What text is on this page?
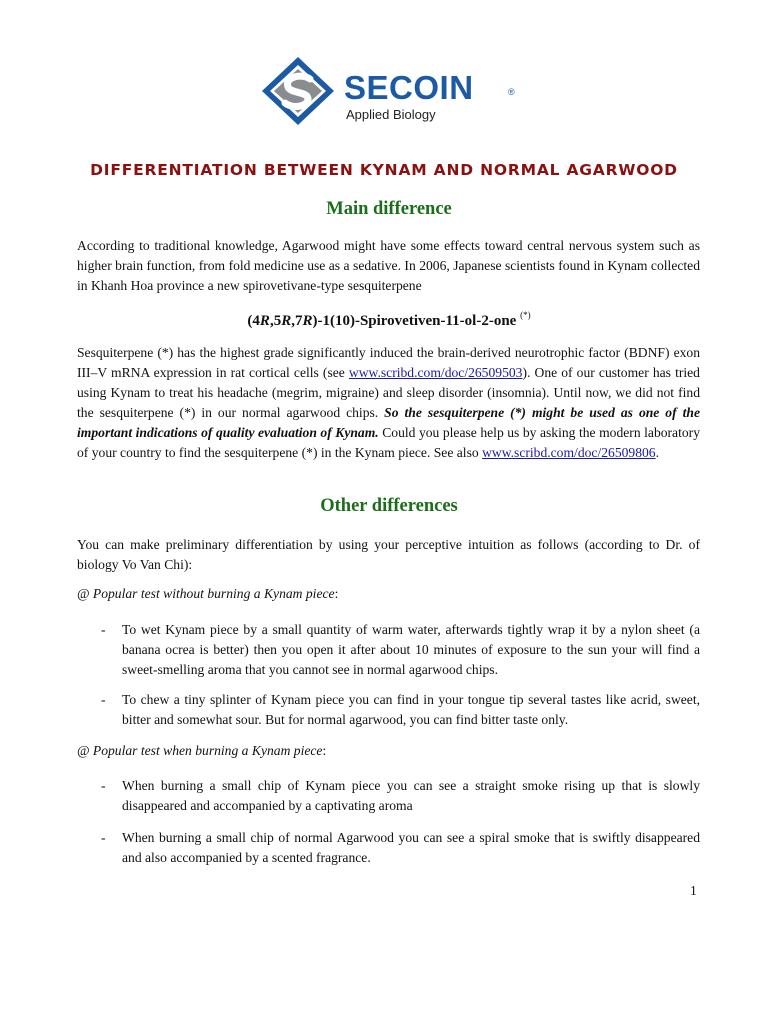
SECOIN	®
Applied Biology
DIFFERENTIATION BETWEEN KYNAM AND NORMAL AGARWOOD
Main difference
According to traditional knowledge, Agarwood might have some effects toward central nervous system such as higher brain function, from fold medicine use as a sedative. In 2006, Japanese scientists found in Kynam collected in Khanh Hoa province a new spirovetivane-type sesquiterpene
(4R,5R,7R)-1(10)-Spirovetiven-11-ol-2-one (*)
Sesquiterpene (*) has the highest grade significantly induced the brain-derived neurotrophic factor (BDNF) exon III–V mRNA expression in rat cortical cells (see www.scribd.com/doc/26509503). One of our customer has tried using Kynam to treat his headache (megrim, migraine) and sleep disorder (insomnia). Until now, we did not find the sesquiterpene (*) in our normal agarwood chips. So the sesquiterpene (*) might be used as one of the important indications of quality evaluation of Kynam. Could you please help us by asking the modern laboratory of your country to find the sesquiterpene (*) in the Kynam piece. See also www.scribd.com/doc/26509806.
Other differences
You can make preliminary differentiation by using your perceptive intuition as follows (according to Dr. of biology Vo Van Chi):
@ Popular test without burning a Kynam piece:
- To wet Kynam piece by a small quantity of warm water, afterwards tightly wrap it by a nylon sheet (a banana ocrea is better) then you open it after about 10 minutes of exposure to the sun your will find a sweet-smelling aroma that you cannot see in normal agarwood chips.
- To chew a tiny splinter of Kynam piece you can find in your tongue tip several tastes like acrid, sweet, bitter and somewhat sour. But for normal agarwood, you can find bitter taste only.
@ Popular test when burning a Kynam piece:
- When burning a small chip of Kynam piece you can see a straight smoke rising up that is slowly disappeared and accompanied by a captivating aroma
- When burning a small chip of normal Agarwood you can see a spiral smoke that is swiftly disappeared and also accompanied by a scented fragrance.
1
